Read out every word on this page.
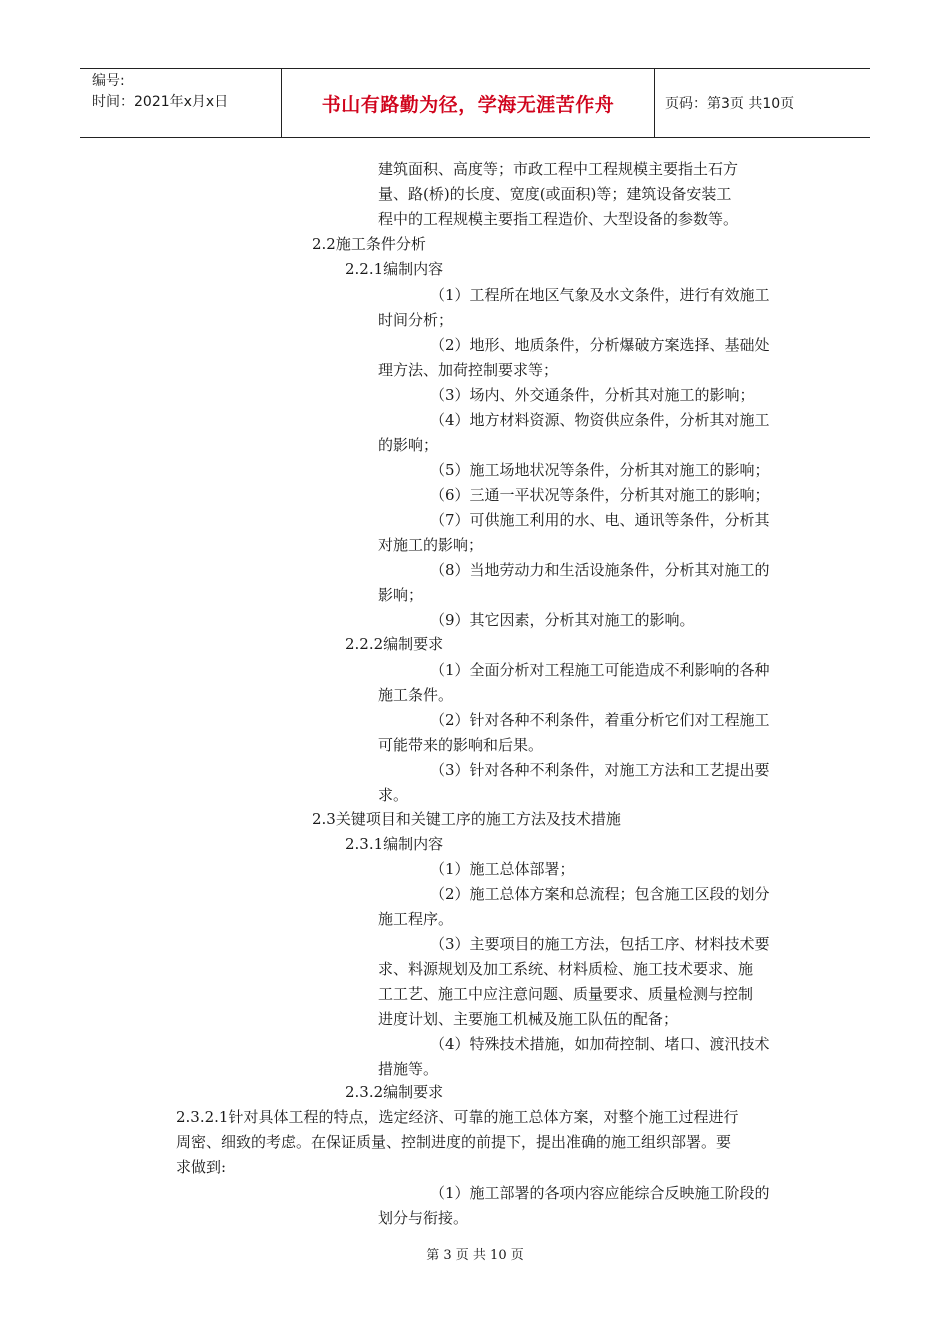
编号:
时间：2021年x月x日	书山有路勤为径，学海无涯苦作舟	页码：第3页 共10页
建筑面积、高度等；市政工程中工程规模主要指土石方
量、路(桥)的长度、宽度(或面积)等；建筑设备安装工
程中的工程规模主要指工程造价、大型设备的参数等。
2.2施工条件分析
2.2.1编制内容
（1）工程所在地区气象及水文条件，进行有效施工
时间分析；
（2）地形、地质条件，分析爆破方案选择、基础处
理方法、加荷控制要求等；
（3）场内、外交通条件，分析其对施工的影响；
（4）地方材料资源、物资供应条件，分析其对施工
的影响；
（5）施工场地状况等条件，分析其对施工的影响；
（6）三通一平状况等条件，分析其对施工的影响；
（7）可供施工利用的水、电、通讯等条件，分析其
对施工的影响；
（8）当地劳动力和生活设施条件，分析其对施工的
影响；
（9）其它因素，分析其对施工的影响。
2.2.2编制要求
（1）全面分析对工程施工可能造成不利影响的各种
施工条件。
（2）针对各种不利条件，着重分析它们对工程施工
可能带来的影响和后果。
（3）针对各种不利条件，对施工方法和工艺提出要
求。
2.3关键项目和关键工序的施工方法及技术措施
2.3.1编制内容
（1）施工总体部署；
（2）施工总体方案和总流程；包含施工区段的划分
施工程序。
（3）主要项目的施工方法，包括工序、材料技术要
求、料源规划及加工系统、材料质检、施工技术要求、施
工工艺、施工中应注意问题、质量要求、质量检测与控制
进度计划、主要施工机械及施工队伍的配备；
（4）特殊技术措施，如加荷控制、堵口、渡汛技术
措施等。
2.3.2编制要求
2.3.2.1针对具体工程的特点，选定经济、可靠的施工总体方案，对整个施工过程进行
周密、细致的考虑。在保证质量、控制进度的前提下，提出准确的施工组织部署。要
求做到:
（1）施工部署的各项内容应能综合反映施工阶段的
划分与衔接。
第 3 页 共 10 页
